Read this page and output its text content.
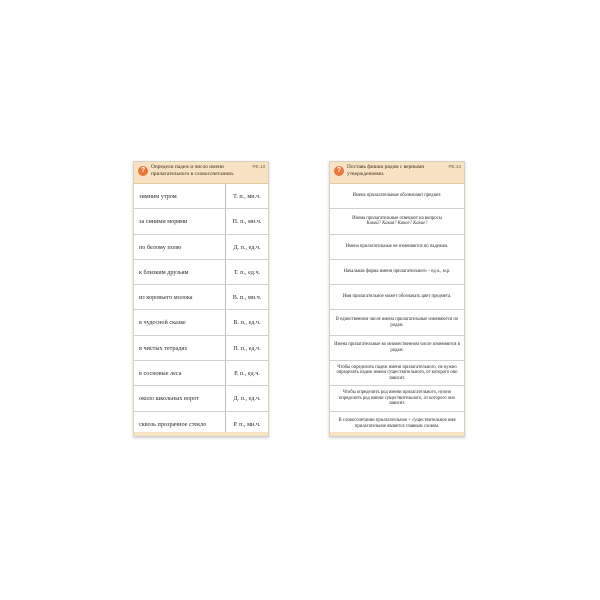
?	Определи падеж и число имени прилагательного в словосочетаниях.
РЕ.13
зимним утром	Т. п., мн.ч.
за синими морями	П. п., мн.ч.
по белому полю	Д. п., ед.ч.
к близким друзьям	Т. п., ед.ч.
из коровьего молока	В. п., мн.ч.
в чудесной сказке	В. п., ед.ч.
в чистых тетрадях	П. п., ед.ч.
в сосновые леса	Р. п., ед.ч.
около школьных ворот	Д. п., ед.ч.
сквозь прозрачное стекло	Р. п., мн.ч.
?	Поставь фишки рядом с верными утверждениями.
РЕ.14
Имена прилагательные обозначают предмет.
Имена прилагательные отвечают на вопросы
Какой? Какая? Какое? Какие?
Имена прилагательные не изменяются по падежам.
Начальная форма имени прилагательного – ед.ч., м.р.
Имя прилагательное может обозначать цвет предмета.
В единственном числе имена прилагательные изменяются по родам.
Имена прилагательные во множественном числе изменяются в родам.
Чтобы определить падеж имени прилагательного, не нужно определять падеж имени существительного, от которого оно зависит.
Чтобы определить род имени прилагательного, нужно определить род имени существительного, от которого оно зависит.
В словосочетании прилагательное + существительное имя прилагательное является главным словом.
